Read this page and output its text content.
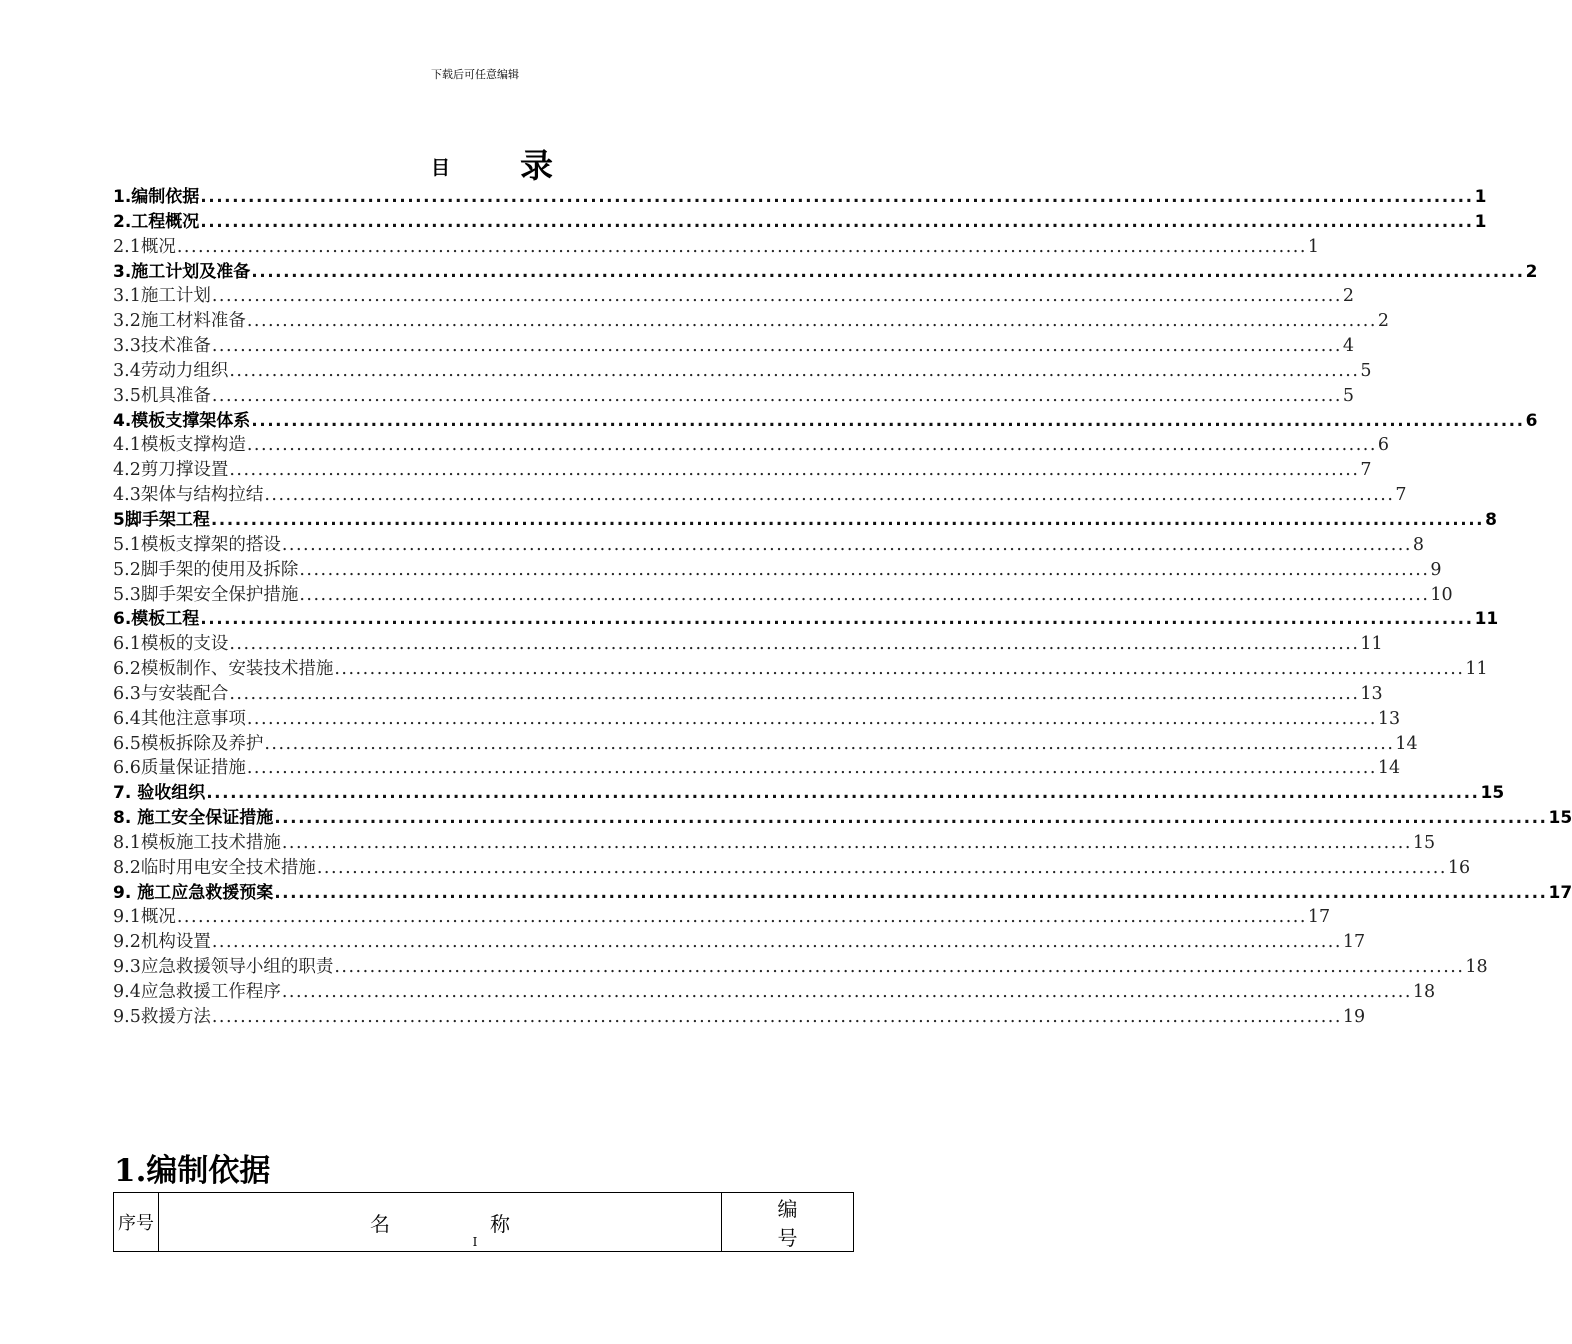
下载后可任意编辑
目 录
1.编制依据 ................................................................................................................................................................ 1
2.工程概况 ................................................................................................................................................................ 1
2.1概况 ................................................................................................................................................................ 1
3.施工计划及准备 ................................................................................................................................................................ 2
3.1施工计划 ................................................................................................................................................................ 2
3.2施工材料准备 ................................................................................................................................................................ 2
3.3技术准备 ................................................................................................................................................................ 4
3.4劳动力组织 ................................................................................................................................................................ 5
3.5机具准备 ................................................................................................................................................................ 5
4.模板支撑架体系 ................................................................................................................................................................ 6
4.1模板支撑构造 ................................................................................................................................................................ 6
4.2剪刀撑设置 ................................................................................................................................................................ 7
4.3架体与结构拉结 ................................................................................................................................................................ 7
5脚手架工程 ................................................................................................................................................................ 8
5.1模板支撑架的搭设 ................................................................................................................................................................ 8
5.2脚手架的使用及拆除 ................................................................................................................................................................ 9
5.3脚手架安全保护措施 ................................................................................................................................................................ 10
6.模板工程 ................................................................................................................................................................ 11
6.1模板的支设 ................................................................................................................................................................ 11
6.2模板制作、安装技术措施 ................................................................................................................................................................ 11
6.3与安装配合 ................................................................................................................................................................ 13
6.4其他注意事项 ................................................................................................................................................................ 13
6.5模板拆除及养护 ................................................................................................................................................................ 14
6.6质量保证措施 ................................................................................................................................................................ 14
7. 验收组织 ................................................................................................................................................................ 15
8. 施工安全保证措施 ................................................................................................................................................................ 15
8.1模板施工技术措施 ................................................................................................................................................................ 15
8.2临时用电安全技术措施 ................................................................................................................................................................ 16
9. 施工应急救援预案 ................................................................................................................................................................ 17
9.1概况 ................................................................................................................................................................ 17
9.2机构设置 ................................................................................................................................................................ 17
9.3应急救援领导小组的职责 ................................................................................................................................................................ 18
9.4应急救援工作程序 ................................................................................................................................................................ 18
9.5救援方法 ................................................................................................................................................................ 19
1.编制依据
序号	名称	编号
I
